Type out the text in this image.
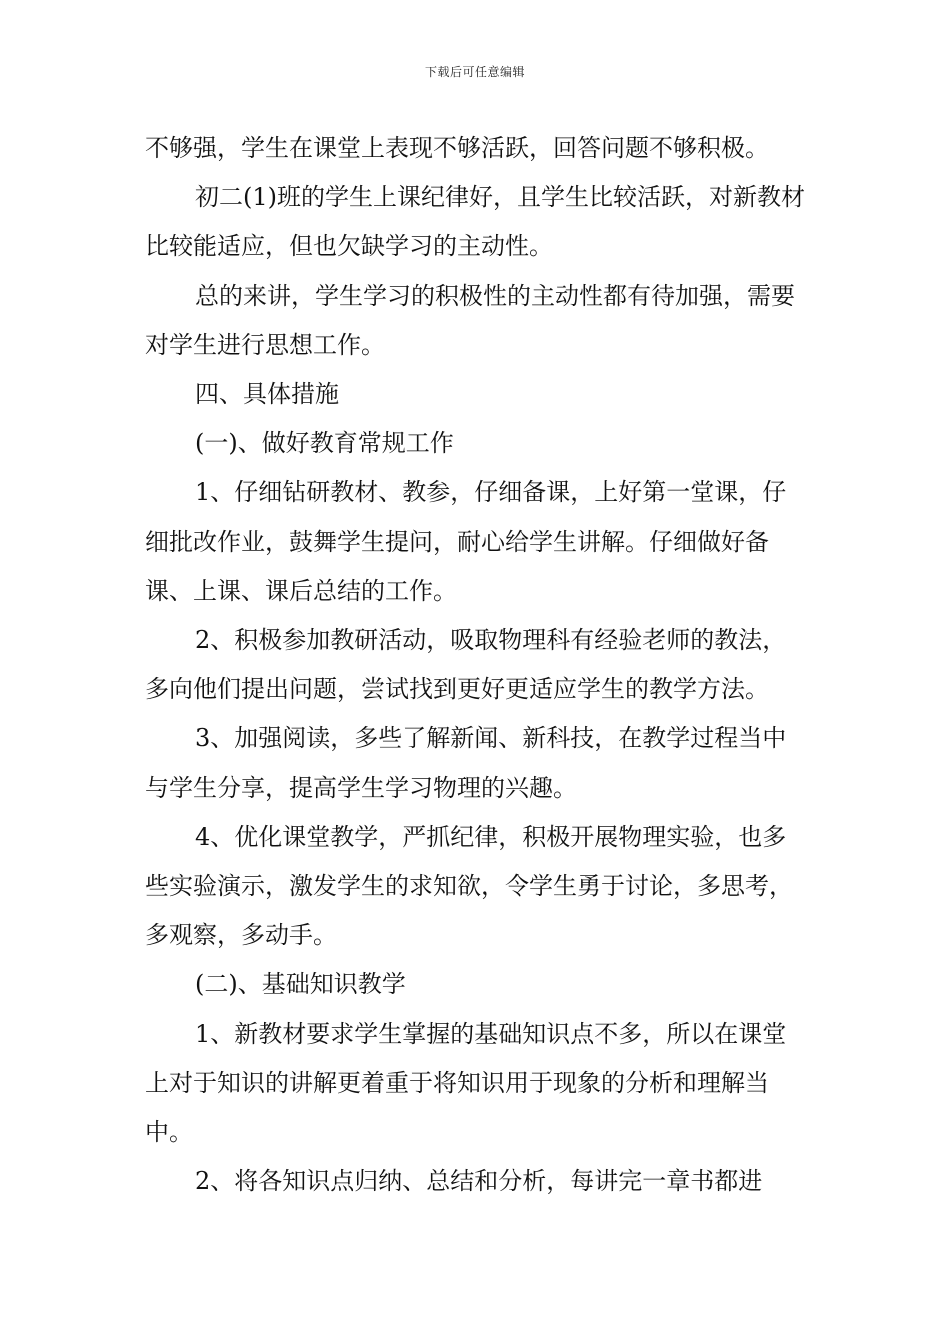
下载后可任意编辑

不够强，学生在课堂上表现不够活跃，回答问题不够积极。

初二(1)班的学生上课纪律好，且学生比较活跃，对新教材比较能适应，但也欠缺学习的主动性。

总的来讲，学生学习的积极性的主动性都有待加强，需要对学生进行思想工作。

四、具体措施

(一)、做好教育常规工作

1、仔细钻研教材、教参，仔细备课，上好第一堂课，仔细批改作业，鼓舞学生提问，耐心给学生讲解。仔细做好备课、上课、课后总结的工作。

2、积极参加教研活动，吸取物理科有经验老师的教法，多向他们提出问题，尝试找到更好更适应学生的教学方法。

3、加强阅读，多些了解新闻、新科技，在教学过程当中与学生分享，提高学生学习物理的兴趣。

4、优化课堂教学，严抓纪律，积极开展物理实验，也多些实验演示，激发学生的求知欲，令学生勇于讨论，多思考，多观察，多动手。

(二)、基础知识教学

1、新教材要求学生掌握的基础知识点不多，所以在课堂上对于知识的讲解更着重于将知识用于现象的分析和理解当中。

2、将各知识点归纳、总结和分析，每讲完一章书都进
